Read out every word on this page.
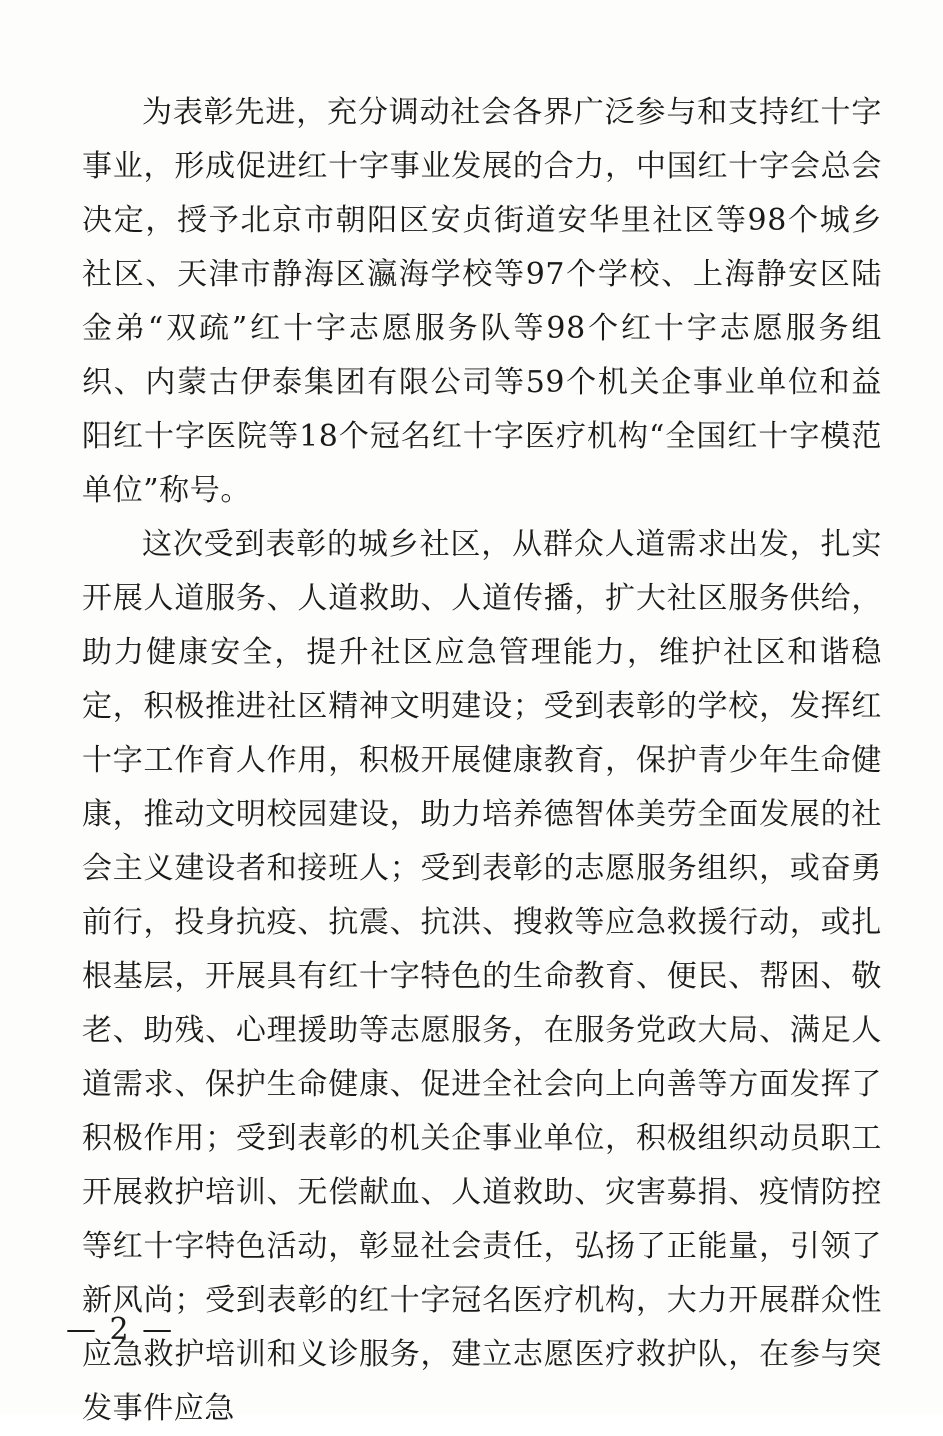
为表彰先进，充分调动社会各界广泛参与和支持红十字事业，形成促进红十字事业发展的合力，中国红十字会总会决定，授予北京市朝阳区安贞街道安华里社区等98个城乡社区、天津市静海区瀛海学校等97个学校、上海静安区陆金弟“双疏”红十字志愿服务队等98个红十字志愿服务组织、内蒙古伊泰集团有限公司等59个机关企事业单位和益阳红十字医院等18个冠名红十字医疗机构“全国红十字模范单位”称号。

这次受到表彰的城乡社区，从群众人道需求出发，扎实开展人道服务、人道救助、人道传播，扩大社区服务供给，助力健康安全，提升社区应急管理能力，维护社区和谐稳定，积极推进社区精神文明建设；受到表彰的学校，发挥红十字工作育人作用，积极开展健康教育，保护青少年生命健康，推动文明校园建设，助力培养德智体美劳全面发展的社会主义建设者和接班人；受到表彰的志愿服务组织，或奋勇前行，投身抗疫、抗震、抗洪、搜救等应急救援行动，或扎根基层，开展具有红十字特色的生命教育、便民、帮困、敬老、助残、心理援助等志愿服务，在服务党政大局、满足人道需求、保护生命健康、促进全社会向上向善等方面发挥了积极作用；受到表彰的机关企事业单位，积极组织动员职工开展救护培训、无偿献血、人道救助、灾害募捐、疫情防控等红十字特色活动，彰显社会责任，弘扬了正能量，引领了新风尚；受到表彰的红十字冠名医疗机构，大力开展群众性应急救护培训和义诊服务，建立志愿医疗救护队，在参与突发事件应急

— 2 —
